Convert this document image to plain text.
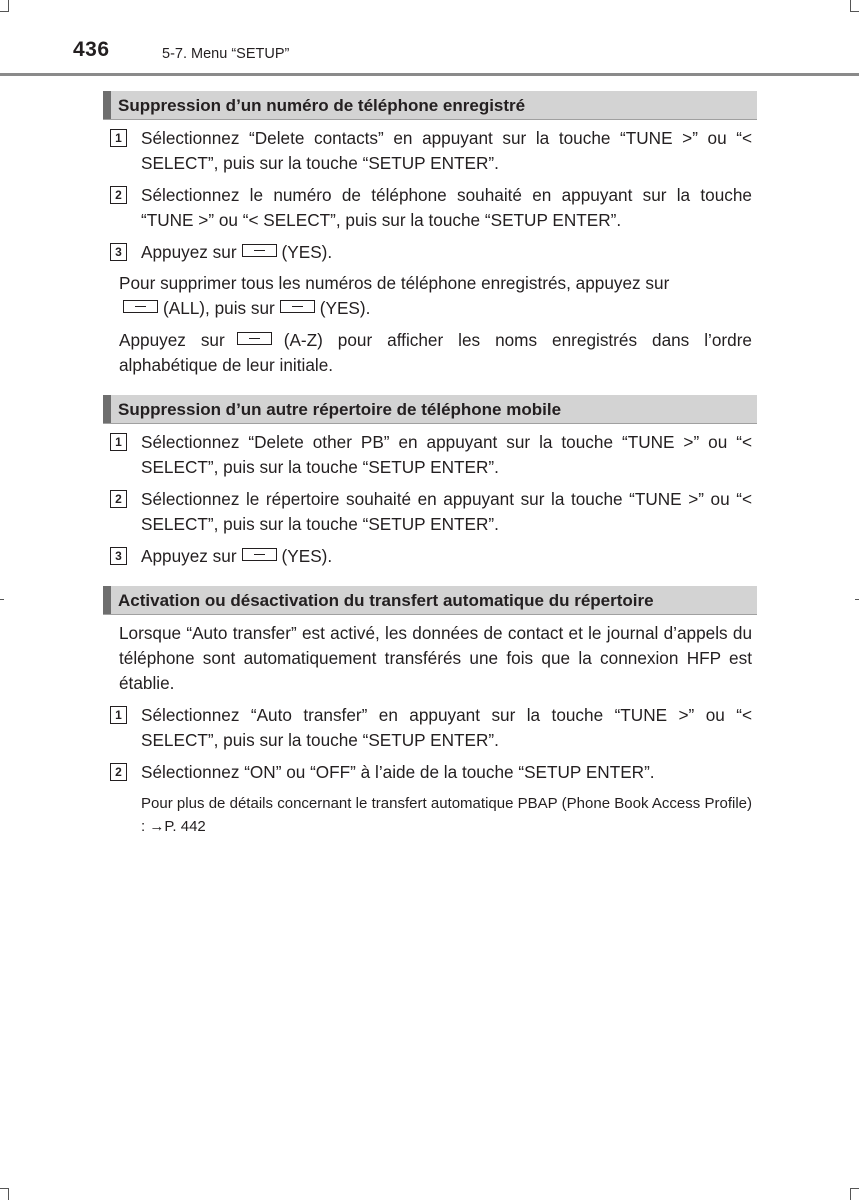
436	5-7. Menu “SETUP”
Suppression d’un numéro de téléphone enregistré
1 Sélectionnez “Delete contacts” en appuyant sur la touche “TUNE >” ou “< SELECT”, puis sur la touche “SETUP ENTER”.
2 Sélectionnez le numéro de téléphone souhaité en appuyant sur la touche “TUNE >” ou “< SELECT”, puis sur la touche “SETUP ENTER”.
3 Appuyez sur	(YES).
Pour supprimer tous les numéros de téléphone enregistrés, appuyez sur
(ALL), puis sur	(YES).
Appuyez sur	(A-Z) pour afficher les noms enregistrés dans l’ordre alphabétique de leur initiale.
Suppression d’un autre répertoire de téléphone mobile
1 Sélectionnez “Delete other PB” en appuyant sur la touche “TUNE >” ou “< SELECT”, puis sur la touche “SETUP ENTER”.
2 Sélectionnez le répertoire souhaité en appuyant sur la touche “TUNE >” ou “< SELECT”, puis sur la touche “SETUP ENTER”.
3 Appuyez sur	(YES).
Activation ou désactivation du transfert automatique du répertoire
Lorsque “Auto transfer” est activé, les données de contact et le journal d’appels du téléphone sont automatiquement transférés une fois que la connexion HFP est établie.
1 Sélectionnez “Auto transfer” en appuyant sur la touche “TUNE >” ou “< SELECT”, puis sur la touche “SETUP ENTER”.
2 Sélectionnez “ON” ou “OFF” à l’aide de la touche “SETUP ENTER”.
Pour plus de détails concernant le transfert automatique PBAP (Phone Book Access Profile) : →P. 442
